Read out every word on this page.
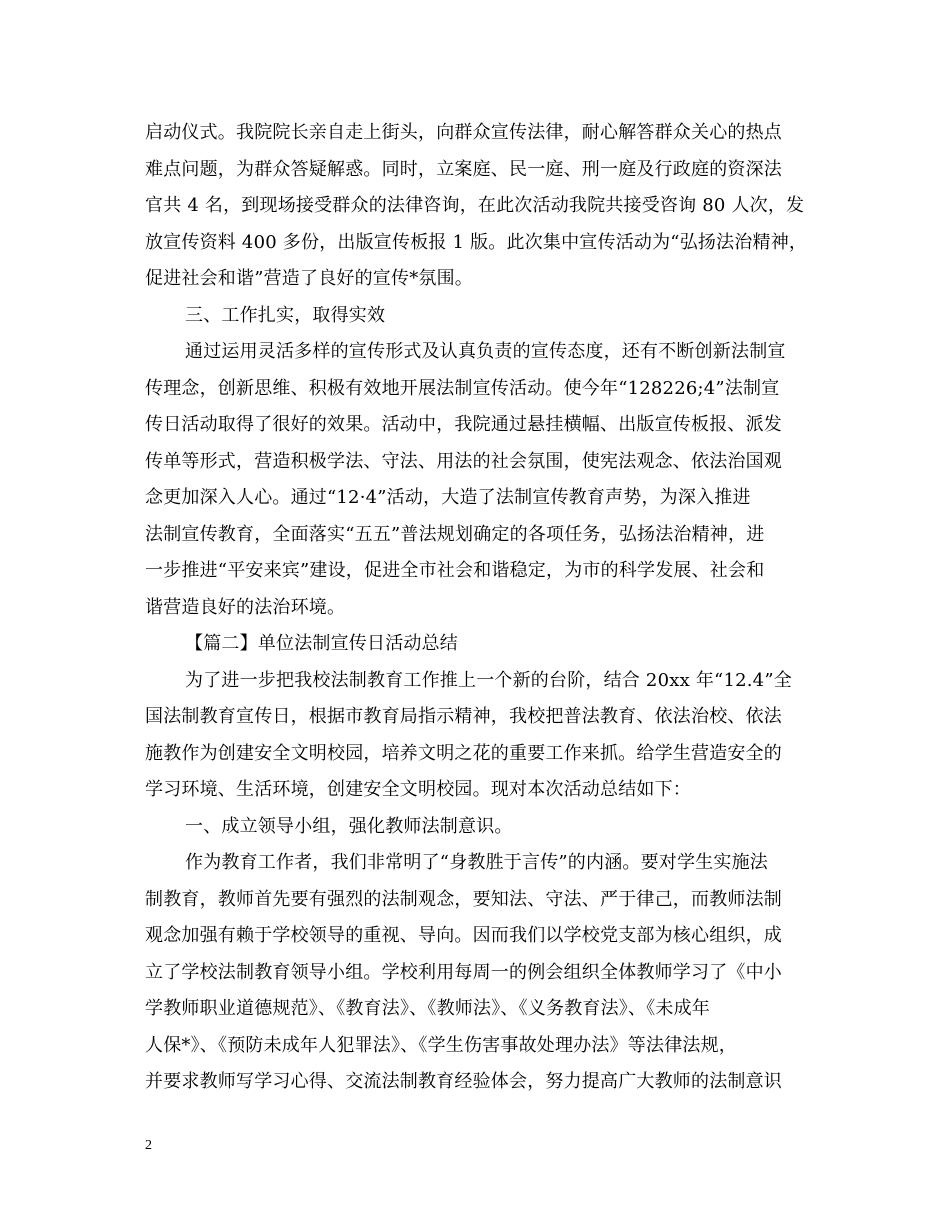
启动仪式。我院院长亲自走上街头，向群众宣传法律，耐心解答群众关心的热点
难点问题，为群众答疑解惑。同时，立案庭、民一庭、刑一庭及行政庭的资深法
官共 4 名，到现场接受群众的法律咨询，在此次活动我院共接受咨询 80 人次，发
放宣传资料 400 多份，出版宣传板报 1 版。此次集中宣传活动为“弘扬法治精神，
促进社会和谐”营造了良好的宣传*氛围。
三、工作扎实，取得实效
通过运用灵活多样的宣传形式及认真负责的宣传态度，还有不断创新法制宣
传理念，创新思维、积极有效地开展法制宣传活动。使今年“128226;4”法制宣
传日活动取得了很好的效果。活动中，我院通过悬挂横幅、出版宣传板报、派发
传单等形式，营造积极学法、守法、用法的社会氛围，使宪法观念、依法治国观
念更加深入人心。通过“12·4”活动，大造了法制宣传教育声势，为深入推进
法制宣传教育，全面落实“五五”普法规划确定的各项任务，弘扬法治精神，进
一步推进“平安来宾”建设，促进全市社会和谐稳定，为市的科学发展、社会和
谐营造良好的法治环境。
【篇二】单位法制宣传日活动总结
为了进一步把我校法制教育工作推上一个新的台阶，结合 20xx 年“12.4”全
国法制教育宣传日，根据市教育局指示精神，我校把普法教育、依法治校、依法
施教作为创建安全文明校园，培养文明之花的重要工作来抓。给学生营造安全的
学习环境、生活环境，创建安全文明校园。现对本次活动总结如下：
一、成立领导小组，强化教师法制意识。
作为教育工作者，我们非常明了“身教胜于言传”的内涵。要对学生实施法
制教育，教师首先要有强烈的法制观念，要知法、守法、严于律己，而教师法制
观念加强有赖于学校领导的重视、导向。因而我们以学校党支部为核心组织，成
立了学校法制教育领导小组。学校利用每周一的例会组织全体教师学习了《中小
学教师职业道德规范》、《教育法》、《教师法》、《义务教育法》、《未成年
人保*》、《预防未成年人犯罪法》、《学生伤害事故处理办法》等法律法规，
并要求教师写学习心得、交流法制教育经验体会，努力提高广大教师的法制意识
2
